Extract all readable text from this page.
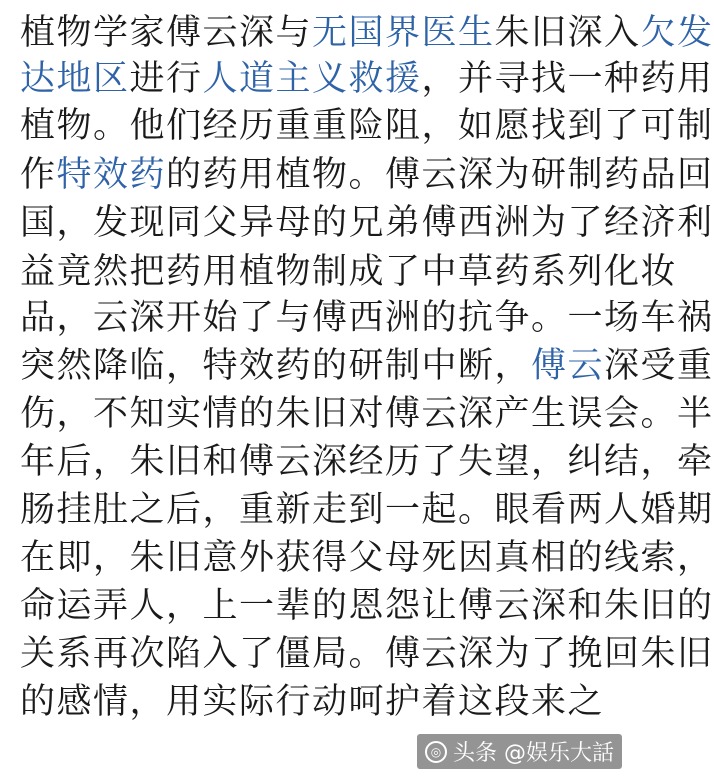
植物学家傅云深与无国界医生朱旧深入欠发
达地区进行人道主义救援，并寻找一种药用
植物。他们经历重重险阻，如愿找到了可制
作特效药的药用植物。傅云深为研制药品回
国，发现同父异母的兄弟傅西洲为了经济利
益竟然把药用植物制成了中草药系列化妆
品，云深开始了与傅西洲的抗争。一场车祸
突然降临，特效药的研制中断，傅云深受重
伤，不知实情的朱旧对傅云深产生误会。半
年后，朱旧和傅云深经历了失望，纠结，牵
肠挂肚之后，重新走到一起。眼看两人婚期
在即，朱旧意外获得父母死因真相的线索，
命运弄人，上一辈的恩怨让傅云深和朱旧的
关系再次陷入了僵局。傅云深为了挽回朱旧
的感情，用实际行动呵护着这段来之
◎ 头条 @娱乐大話
